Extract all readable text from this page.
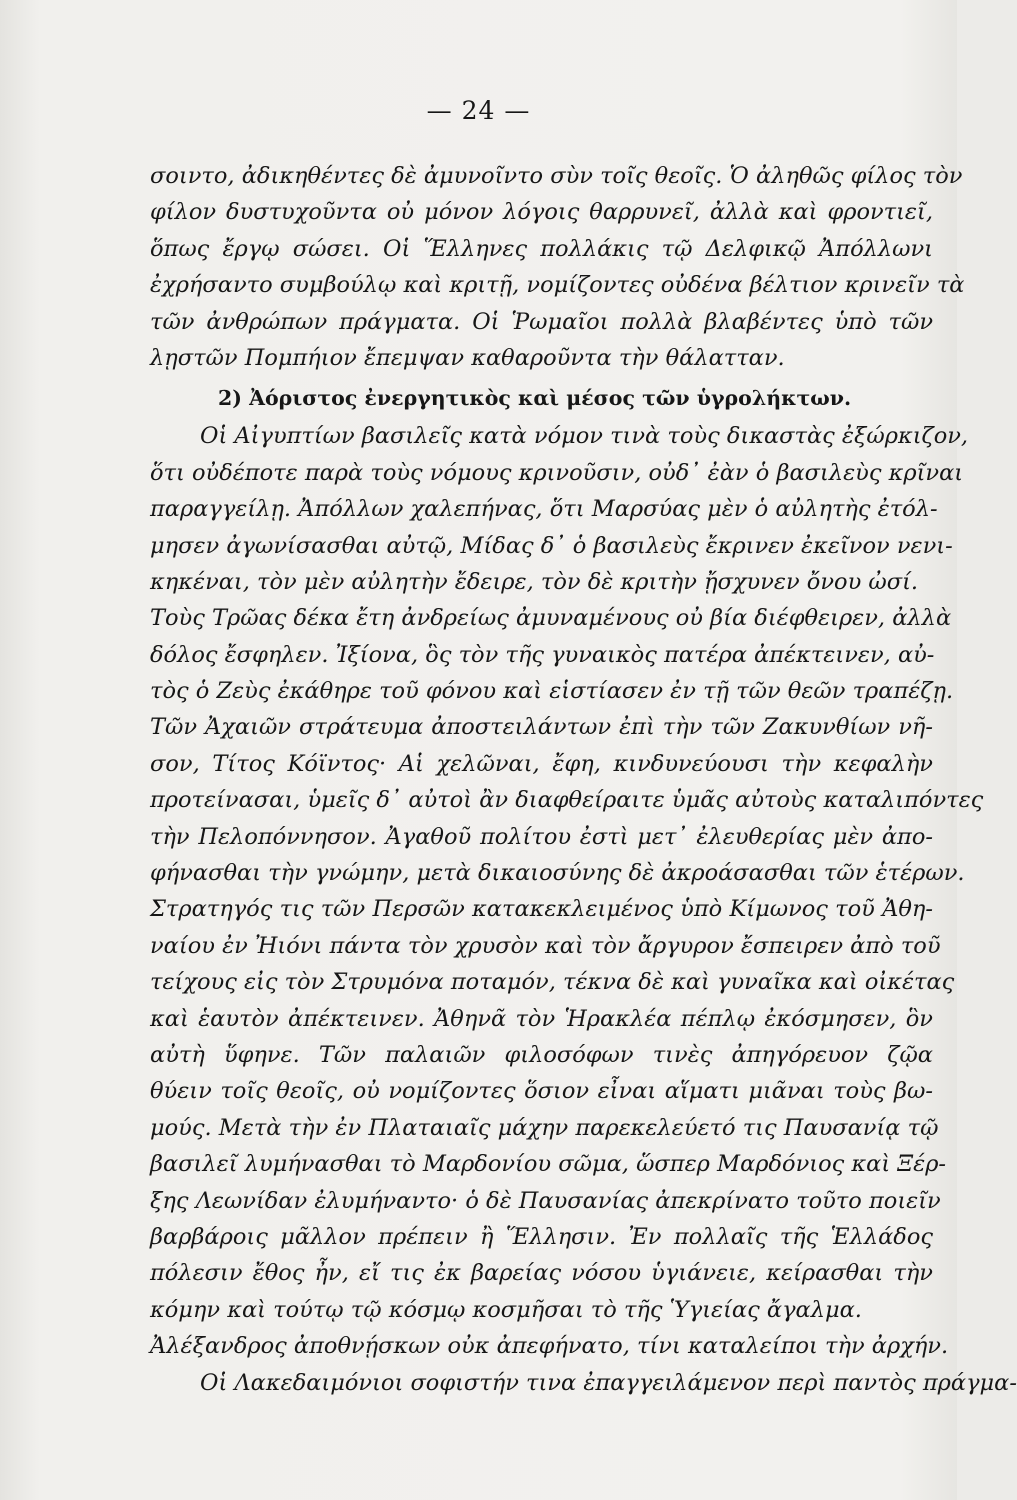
— 24 —
σοιντο, ἀδικηθέντες δὲ ἀμυνοῖντο σὺν τοῖς θεοῖς. Ὁ ἀληθῶς φίλος τὸν
φίλον δυστυχοῦντα οὐ μόνον λόγοις θαρρυνεῖ, ἀλλὰ καὶ φροντιεῖ,
ὅπως ἔργῳ σώσει. Οἱ Ἕλληνες πολλάκις τῷ Δελφικῷ Ἀπόλλωνι
ἐχρήσαντο συμβούλῳ καὶ κριτῇ, νομίζοντες οὐδένα βέλτιον κρινεῖν τὰ
τῶν ἀνθρώπων πράγματα. Οἱ Ῥωμαῖοι πολλὰ βλαβέντες ὑπὸ τῶν
λῃστῶν Πομπήιον ἔπεμψαν καθαροῦντα τὴν θάλατταν.
2) Ἀόριστος ἐνεργητικὸς καὶ μέσος τῶν ὑγρολήκτων.
Οἱ Αἰγυπτίων βασιλεῖς κατὰ νόμον τινὰ τοὺς δικαστὰς ἐξώρκιζον,
ὅτι οὐδέποτε παρὰ τοὺς νόμους κρινοῦσιν, οὐδ᾽ ἐὰν ὁ βασιλεὺς κρῖναι
παραγγείλῃ. Ἀπόλλων χαλεπήνας, ὅτι Μαρσύας μὲν ὁ αὐλητὴς ἐτόλ-
μησεν ἀγωνίσασθαι αὐτῷ, Μίδας δ᾽ ὁ βασιλεὺς ἔκρινεν ἐκεῖνον νενι-
κηκέναι, τὸν μὲν αὐλητὴν ἔδειρε, τὸν δὲ κριτὴν ᾔσχυνεν ὄνου ὠσί.
Τοὺς Τρῶας δέκα ἔτη ἀνδρείως ἀμυναμένους οὐ βία διέφθειρεν, ἀλλὰ
δόλος ἔσφηλεν. Ἰξίονα, ὃς τὸν τῆς γυναικὸς πατέρα ἀπέκτεινεν, αὐ-
τὸς ὁ Ζεὺς ἐκάθηρε τοῦ φόνου καὶ εἱστίασεν ἐν τῇ τῶν θεῶν τραπέζῃ.
Τῶν Ἀχαιῶν στράτευμα ἀποστειλάντων ἐπὶ τὴν τῶν Ζακυνθίων νῆ-
σον, Τίτος Κόϊντος· Αἱ χελῶναι, ἔφη, κινδυνεύουσι τὴν κεφαλὴν
προτείνασαι, ὑμεῖς δ᾽ αὐτοὶ ἂν διαφθείραιτε ὑμᾶς αὐτοὺς καταλιπόντες
τὴν Πελοπόννησον. Ἀγαθοῦ πολίτου ἐστὶ μετ᾽ ἐλευθερίας μὲν ἀπο-
φήνασθαι τὴν γνώμην, μετὰ δικαιοσύνης δὲ ἀκροάσασθαι τῶν ἑτέρων.
Στρατηγός τις τῶν Περσῶν κατακεκλειμένος ὑπὸ Κίμωνος τοῦ Ἀθη-
ναίου ἐν Ἠιόνι πάντα τὸν χρυσὸν καὶ τὸν ἄργυρον ἔσπειρεν ἀπὸ τοῦ
τείχους εἰς τὸν Στρυμόνα ποταμόν, τέκνα δὲ καὶ γυναῖκα καὶ οἰκέτας
καὶ ἑαυτὸν ἀπέκτεινεν. Ἀθηνᾶ τὸν Ἡρακλέα πέπλῳ ἐκόσμησεν, ὃν
αὐτὴ ὕφηνε. Τῶν παλαιῶν φιλοσόφων τινὲς ἀπηγόρευον ζῷα
θύειν τοῖς θεοῖς, οὐ νομίζοντες ὅσιον εἶναι αἵματι μιᾶναι τοὺς βω-
μούς. Μετὰ τὴν ἐν Πλαταιαῖς μάχην παρεκελεύετό τις Παυσανίᾳ τῷ
βασιλεῖ λυμήνασθαι τὸ Μαρδονίου σῶμα, ὥσπερ Μαρδόνιος καὶ Ξέρ-
ξης Λεωνίδαν ἐλυμήναντο· ὁ δὲ Παυσανίας ἀπεκρίνατο τοῦτο ποιεῖν
βαρβάροις μᾶλλον πρέπειν ἢ Ἕλλησιν. Ἐν πολλαῖς τῆς Ἑλλάδος
πόλεσιν ἔθος ἦν, εἴ τις ἐκ βαρείας νόσου ὑγιάνειε, κείρασθαι τὴν
κόμην καὶ τούτῳ τῷ κόσμῳ κοσμῆσαι τὸ τῆς Ὑγιείας ἄγαλμα.
Ἀλέξανδρος ἀποθνῄσκων οὐκ ἀπεφήνατο, τίνι καταλείποι τὴν ἀρχήν.
Οἱ Λακεδαιμόνιοι σοφιστήν τινα ἐπαγγειλάμενον περὶ παντὸς πράγμα-
